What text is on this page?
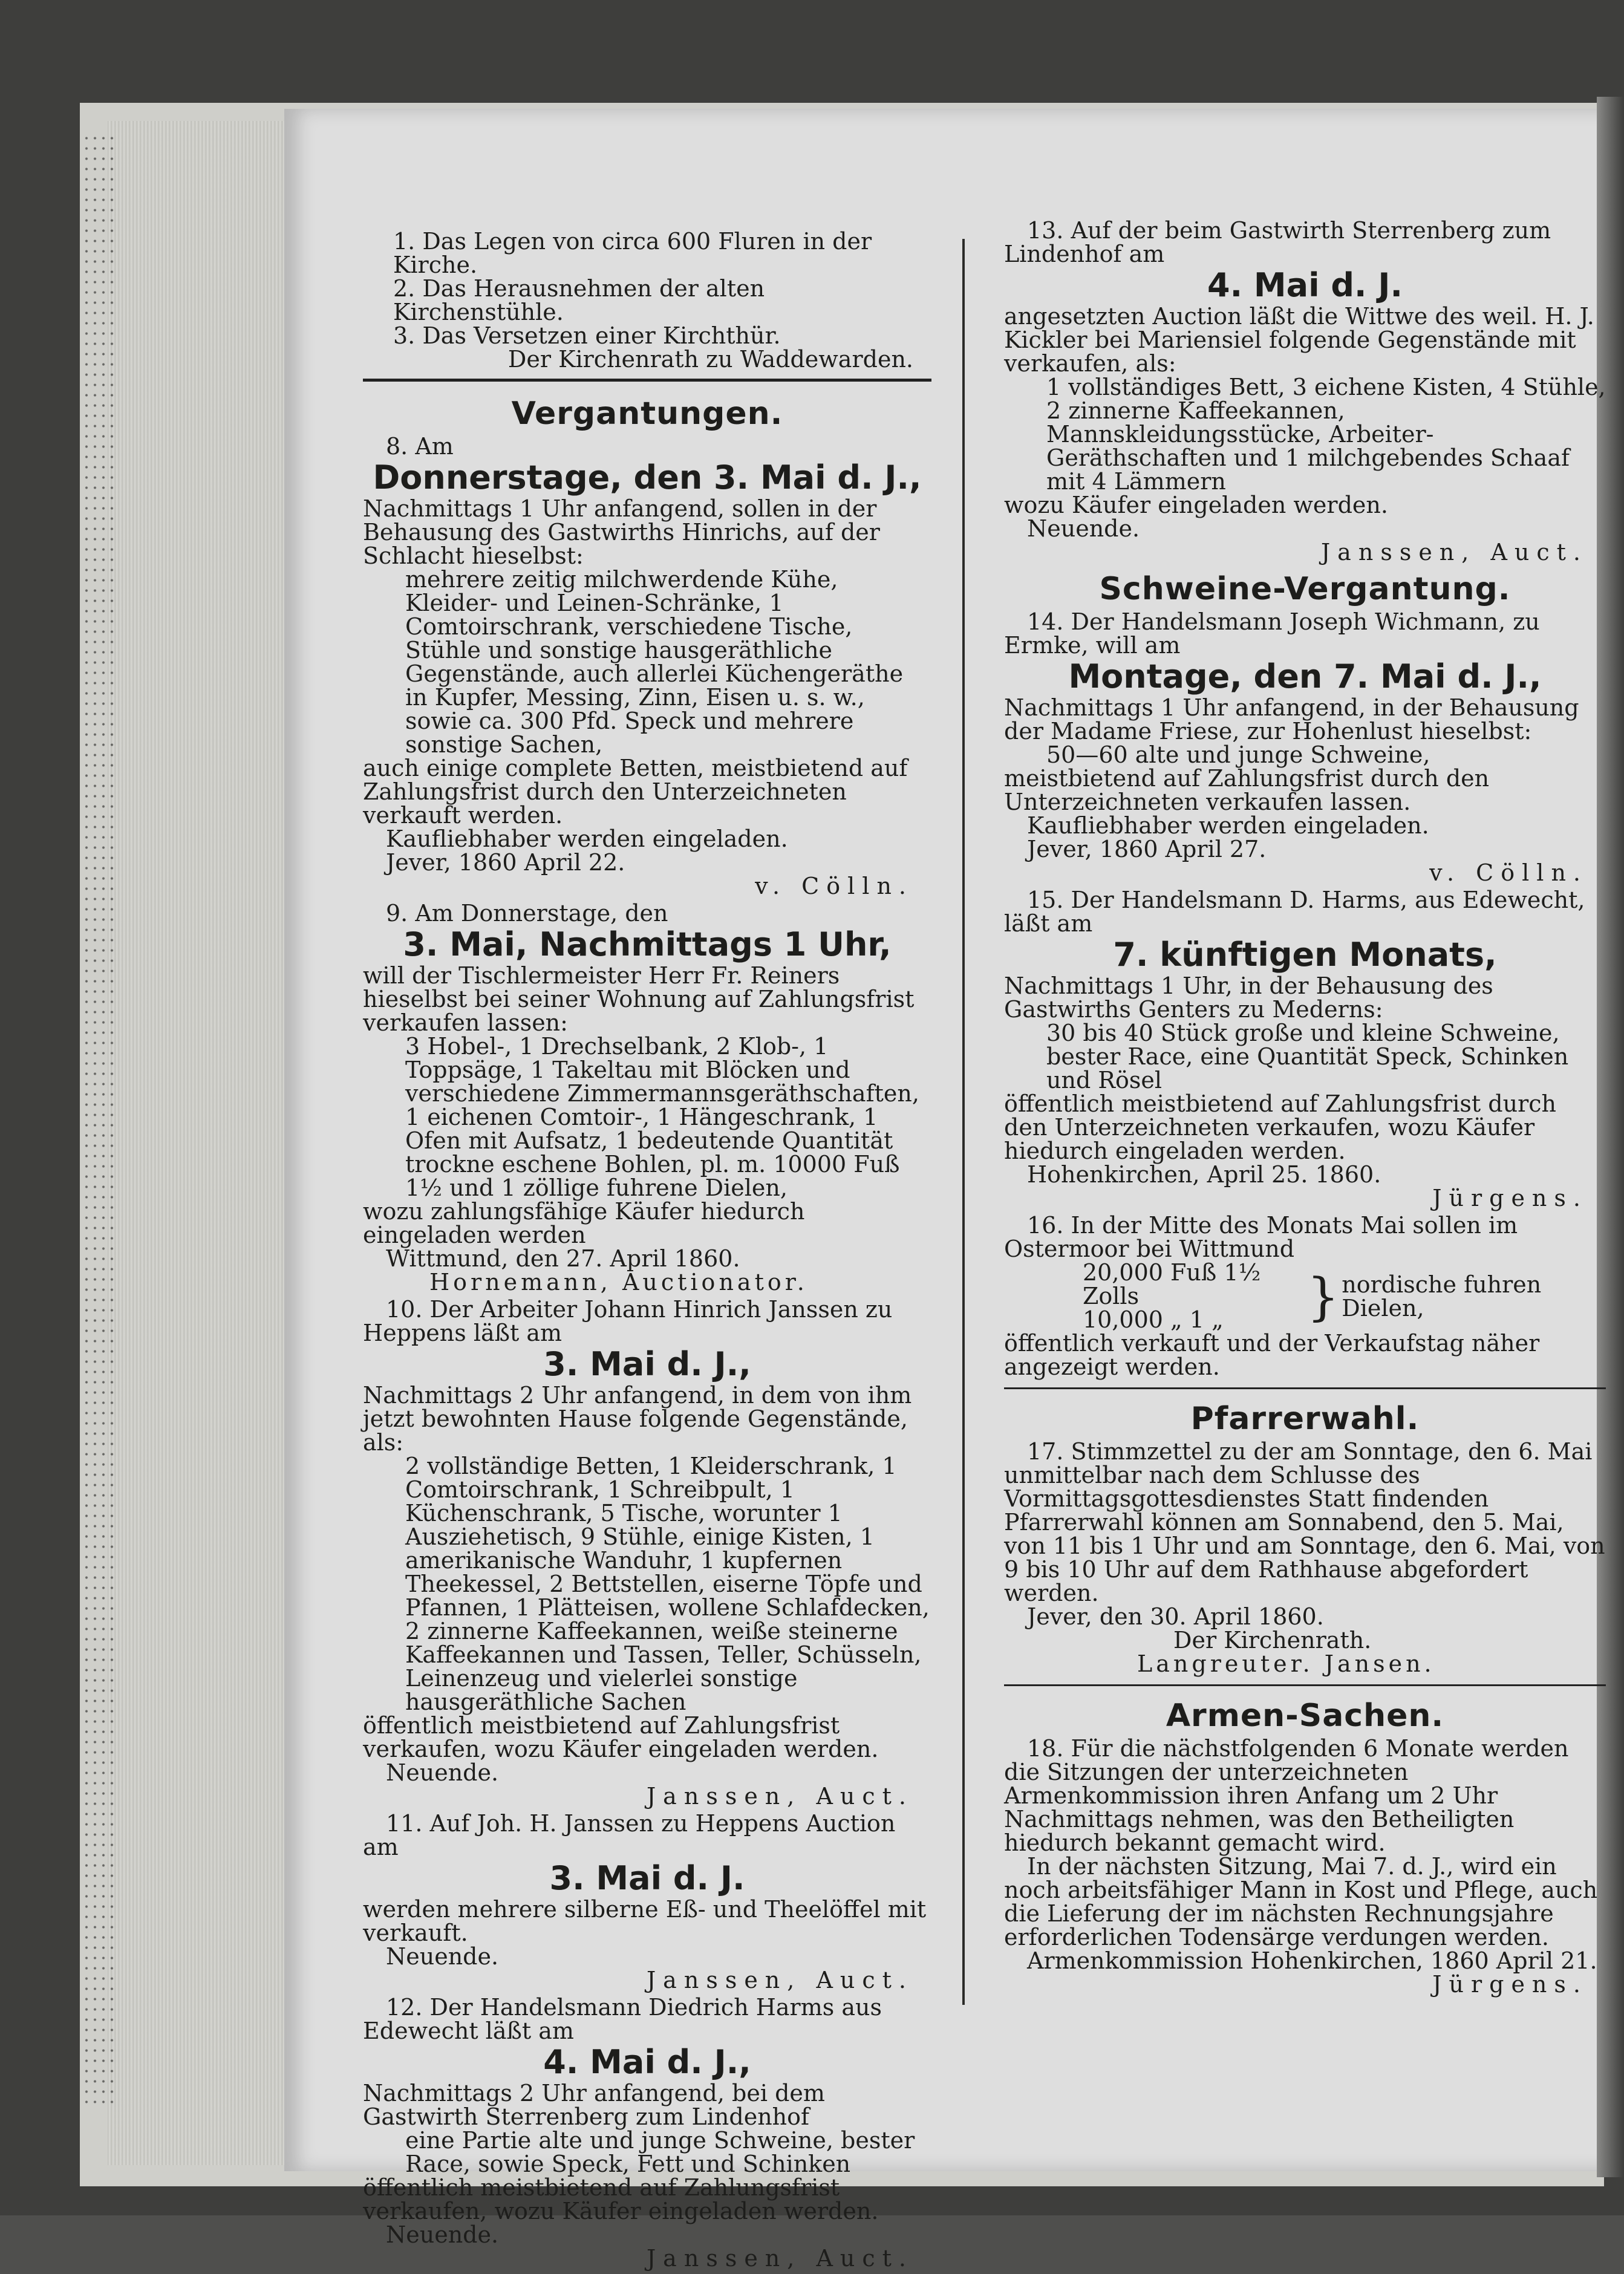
1. Das Legen von circa 600 Fluren in der Kirche.

2. Das Herausnehmen der alten Kirchenstühle.

3. Das Versetzen einer Kirchthür.

Der Kirchenrath zu Waddewarden.

Vergantungen.

8. Am

Donnerstage, den 3. Mai d. J.,

Nachmittags 1 Uhr anfangend, sollen in der Behausung des Gastwirths Hinrichs, auf der Schlacht hieselbst:

mehrere zeitig milchwerdende Kühe, Kleider- und Leinen-Schränke, 1 Comtoirschrank, verschiedene Tische, Stühle und sonstige hausgeräthliche Gegenstände, auch allerlei Küchengeräthe in Kupfer, Messing, Zinn, Eisen u. s. w., sowie ca. 300 Pfd. Speck und mehrere sonstige Sachen,

auch einige complete Betten, meistbietend auf Zahlungsfrist durch den Unterzeichneten verkauft werden.

Kaufliebhaber werden eingeladen.

Jever, 1860 April 22.

v. Cölln.

9. Am Donnerstage, den

3. Mai, Nachmittags 1 Uhr,

will der Tischlermeister Herr Fr. Reiners hieselbst bei seiner Wohnung auf Zahlungsfrist verkaufen lassen:

3 Hobel-, 1 Drechselbank, 2 Klob-, 1 Toppsäge, 1 Takeltau mit Blöcken und verschiedene Zimmermannsgeräthschaften, 1 eichenen Comtoir-, 1 Hängeschrank, 1 Ofen mit Aufsatz, 1 bedeutende Quantität trockne eschene Bohlen, pl. m. 10000 Fuß 1½ und 1 zöllige fuhrene Dielen,

wozu zahlungsfähige Käufer hiedurch eingeladen werden

Wittmund, den 27. April 1860.

Hornemann, Auctionator.

10. Der Arbeiter Johann Hinrich Janssen zu Heppens läßt am

3. Mai d. J.,

Nachmittags 2 Uhr anfangend, in dem von ihm jetzt bewohnten Hause folgende Gegenstände, als:

2 vollständige Betten, 1 Kleiderschrank, 1 Comtoirschrank, 1 Schreibpult, 1 Küchenschrank, 5 Tische, worunter 1 Ausziehetisch, 9 Stühle, einige Kisten, 1 amerikanische Wanduhr, 1 kupfernen Theekessel, 2 Bettstellen, eiserne Töpfe und Pfannen, 1 Plätteisen, wollene Schlafdecken, 2 zinnerne Kaffeekannen, weiße steinerne Kaffeekannen und Tassen, Teller, Schüsseln, Leinenzeug und vielerlei sonstige hausgeräthliche Sachen

öffentlich meistbietend auf Zahlungsfrist verkaufen, wozu Käufer eingeladen werden.

Neuende.

Janssen, Auct.

11. Auf Joh. H. Janssen zu Heppens Auction am

3. Mai d. J.

werden mehrere silberne Eß- und Theelöffel mit verkauft.

Neuende.

Janssen, Auct.

12. Der Handelsmann Diedrich Harms aus Edewecht läßt am

4. Mai d. J.,

Nachmittags 2 Uhr anfangend, bei dem Gastwirth Sterrenberg zum Lindenhof

eine Partie alte und junge Schweine, bester Race, sowie Speck, Fett und Schinken

öffentlich meistbietend auf Zahlungsfrist verkaufen, wozu Käufer eingeladen werden.

Neuende.

Janssen, Auct.

13. Auf der beim Gastwirth Sterrenberg zum Lindenhof am

4. Mai d. J.

angesetzten Auction läßt die Wittwe des weil. H. J. Kickler bei Mariensiel folgende Gegenstände mit verkaufen, als:

1 vollständiges Bett, 3 eichene Kisten, 4 Stühle, 2 zinnerne Kaffeekannen, Mannskleidungsstücke, Arbeiter-Geräthschaften und 1 milchgebendes Schaaf mit 4 Lämmern

wozu Käufer eingeladen werden.

Neuende.

Janssen, Auct.

Schweine-Vergantung.

14. Der Handelsmann Joseph Wichmann, zu Ermke, will am

Montage, den 7. Mai d. J.,

Nachmittags 1 Uhr anfangend, in der Behausung der Madame Friese, zur Hohenlust hieselbst:

50—60 alte und junge Schweine,

meistbietend auf Zahlungsfrist durch den Unterzeichneten verkaufen lassen.

Kaufliebhaber werden eingeladen.

Jever, 1860 April 27.

v. Cölln.

15. Der Handelsmann D. Harms, aus Edewecht, läßt am

7. künftigen Monats,

Nachmittags 1 Uhr, in der Behausung des Gastwirths Genters zu Mederns:

30 bis 40 Stück große und kleine Schweine, bester Race, eine Quantität Speck, Schinken und Rösel

öffentlich meistbietend auf Zahlungsfrist durch den Unterzeichneten verkaufen, wozu Käufer hiedurch eingeladen werden.

Hohenkirchen, April 25. 1860.

Jürgens.

16. In der Mitte des Monats Mai sollen im Ostermoor bei Wittmund

20,000 Fuß 1½ Zolls

10,000 „ 1 „	} nordische fuhren Dielen,

öffentlich verkauft und der Verkaufstag näher angezeigt werden.

Pfarrerwahl.

17. Stimmzettel zu der am Sonntage, den 6. Mai unmittelbar nach dem Schlusse des Vormittagsgottesdienstes Statt findenden Pfarrerwahl können am Sonnabend, den 5. Mai, von 11 bis 1 Uhr und am Sonntage, den 6. Mai, von 9 bis 10 Uhr auf dem Rathhause abgefordert werden.

Jever, den 30. April 1860.

Der Kirchenrath.

Langreuter. Jansen.

Armen-Sachen.

18. Für die nächstfolgenden 6 Monate werden die Sitzungen der unterzeichneten Armenkommission ihren Anfang um 2 Uhr Nachmittags nehmen, was den Betheiligten hiedurch bekannt gemacht wird.

In der nächsten Sitzung, Mai 7. d. J., wird ein noch arbeitsfähiger Mann in Kost und Pflege, auch die Lieferung der im nächsten Rechnungsjahre erforderlichen Todensärge verdungen werden.

Armenkommission Hohenkirchen, 1860 April 21.

Jürgens.
